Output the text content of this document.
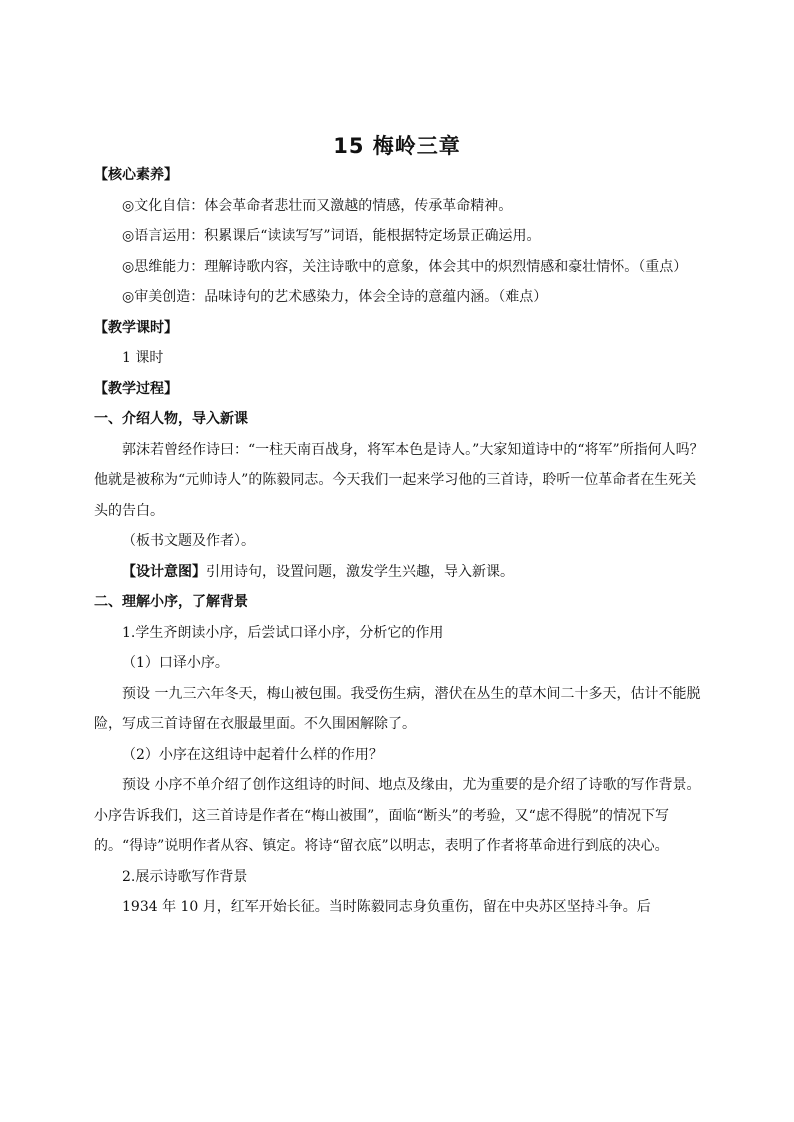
15 梅岭三章

【核心素养】

◎文化自信：体会革命者悲壮而又激越的情感，传承革命精神。

◎语言运用：积累课后“读读写写”词语，能根据特定场景正确运用。

◎思维能力：理解诗歌内容，关注诗歌中的意象，体会其中的炽烈情感和豪壮情怀。（重点）

◎审美创造：品味诗句的艺术感染力，体会全诗的意蕴内涵。（难点）

【教学课时】

1 课时

【教学过程】

一、介绍人物，导入新课

郭沫若曾经作诗曰：“一柱天南百战身，将军本色是诗人。”大家知道诗中的“将军”所指何人吗？他就是被称为“元帅诗人”的陈毅同志。今天我们一起来学习他的三首诗，聆听一位革命者在生死关头的告白。

（板书文题及作者）。

【设计意图】引用诗句，设置问题，激发学生兴趣，导入新课。

二、理解小序，了解背景

1.学生齐朗读小序，后尝试口译小序，分析它的作用

（1）口译小序。

预设 一九三六年冬天，梅山被包围。我受伤生病，潜伏在丛生的草木间二十多天，估计不能脱险，写成三首诗留在衣服最里面。不久围困解除了。

（2）小序在这组诗中起着什么样的作用？

预设 小序不单介绍了创作这组诗的时间、地点及缘由，尤为重要的是介绍了诗歌的写作背景。小序告诉我们，这三首诗是作者在“梅山被围”，面临“断头”的考验，又“虑不得脱”的情况下写的。“得诗”说明作者从容、镇定。将诗“留衣底”以明志，表明了作者将革命进行到底的决心。

2.展示诗歌写作背景

1934 年 10 月，红军开始长征。当时陈毅同志身负重伤，留在中央苏区坚持斗争。后
